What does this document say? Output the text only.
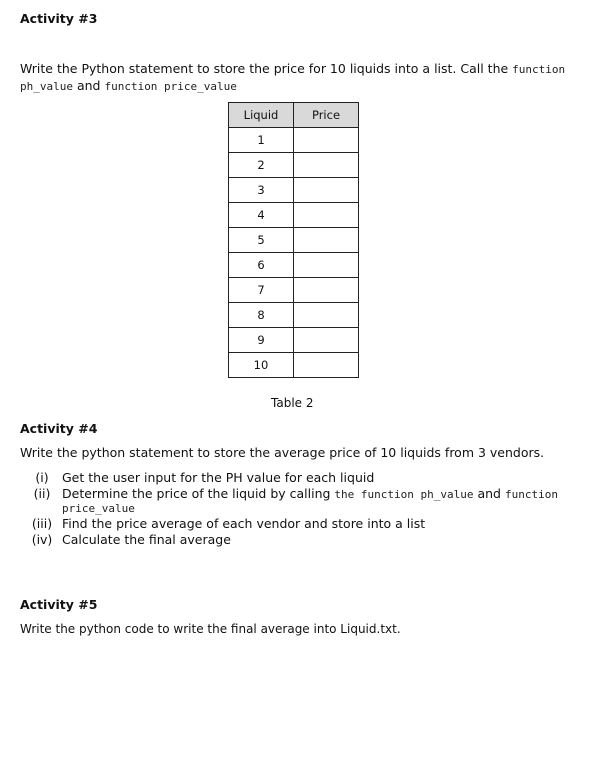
Activity #3
Write the Python statement to store the price for 10 liquids into a list. Call the function
ph_value and function price_value
Liquid	Price
1	
2	
3	
4	
5	
6	
7	
8	
9	
10	
Table 2
Activity #4
Write the python statement to store the average price of 10 liquids from 3 vendors.
(i) Get the user input for the PH value for each liquid
(ii) Determine the price of the liquid by calling the function ph_value and function
price_value
(iii) Find the price average of each vendor and store into a list
(iv) Calculate the final average
Activity #5
Write the python code to write the final average into Liquid.txt.
